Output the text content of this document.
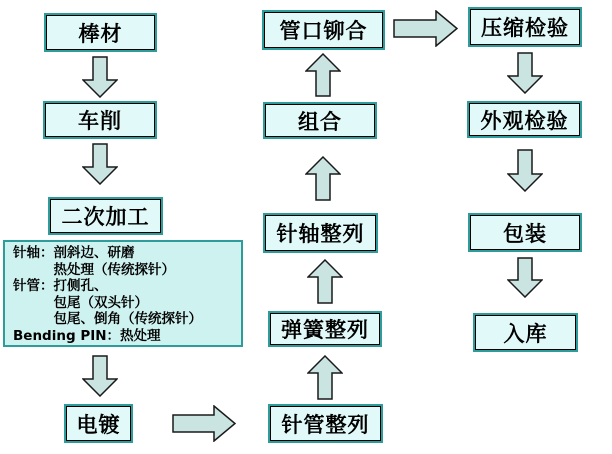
棒材
车削
二次加工
针轴：剖斜边、研磨
　　　热处理（传统探针）
针管：打侧孔、
　　　包尾（双头针）
　　　包尾、倒角（传统探针）
Bending PIN：热处理
电镀	针管整列
弹簧整列
针轴整列
组合
管口铆合	压缩检验
外观检验
包装
入库
